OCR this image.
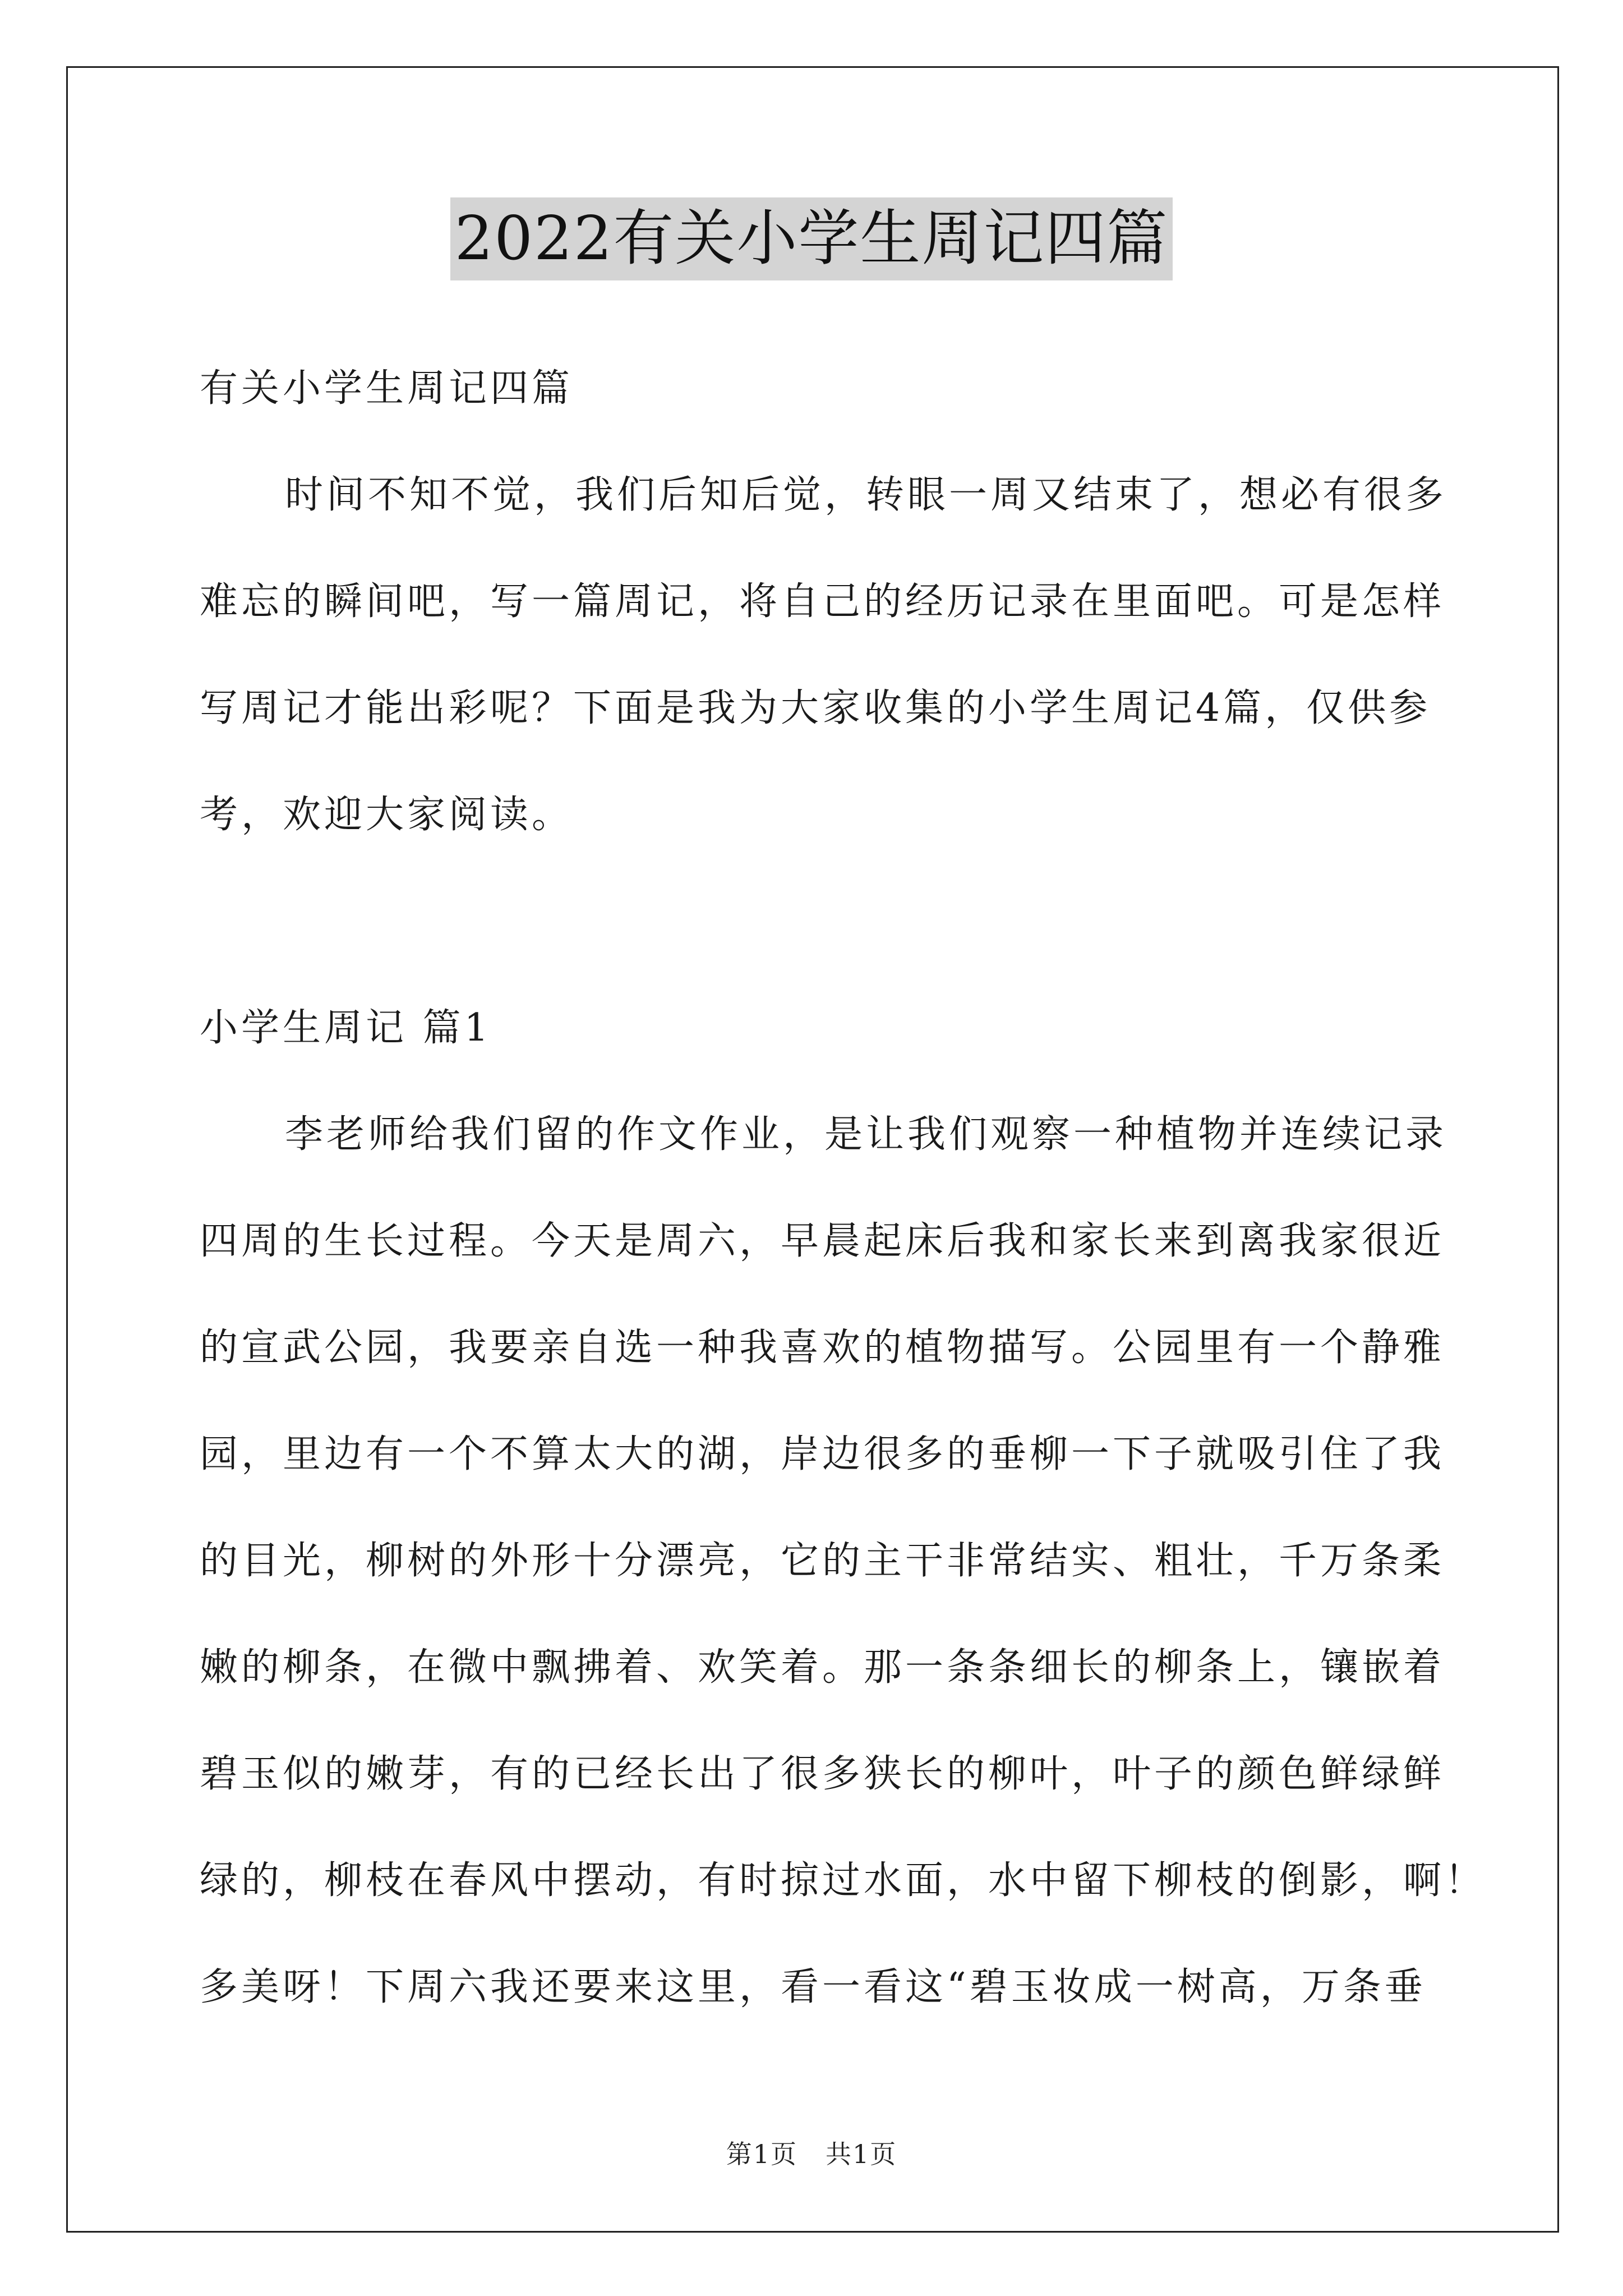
2022有关小学生周记四篇

有关小学生周记四篇

时间不知不觉，我们后知后觉，转眼一周又结束了，想必有很多

难忘的瞬间吧，写一篇周记，将自己的经历记录在里面吧。可是怎样

写周记才能出彩呢？下面是我为大家收集的小学生周记4篇，仅供参

考，欢迎大家阅读。

小学生周记 篇1

李老师给我们留的作文作业，是让我们观察一种植物并连续记录

四周的生长过程。今天是周六，早晨起床后我和家长来到离我家很近

的宣武公园，我要亲自选一种我喜欢的植物描写。公园里有一个静雅

园，里边有一个不算太大的湖，岸边很多的垂柳一下子就吸引住了我

的目光，柳树的外形十分漂亮，它的主干非常结实、粗壮，千万条柔

嫩的柳条，在微中飘拂着、欢笑着。那一条条细长的柳条上，镶嵌着

碧玉似的嫩芽，有的已经长出了很多狭长的柳叶，叶子的颜色鲜绿鲜

绿的，柳枝在春风中摆动，有时掠过水面，水中留下柳枝的倒影，啊！

多美呀！下周六我还要来这里，看一看这“碧玉妆成一树高，万条垂

第1页 共1页
